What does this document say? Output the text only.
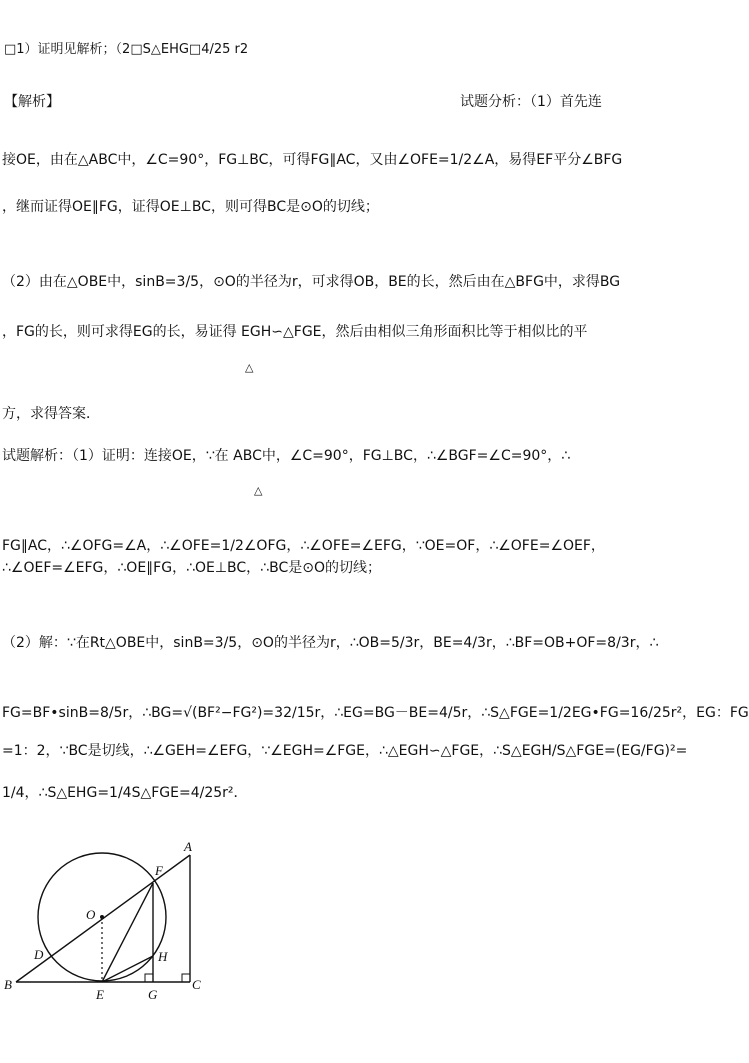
□1）证明见解析；（2□S△EHG□4/25 r2
【解析】	试题分析：（1）首先连
接OE，由在△ABC中，∠C=90°，FG⊥BC，可得FG∥AC，又由∠OFE=1/2∠A，易得EF平分∠BFG
，继而证得OE∥FG，证得OE⊥BC，则可得BC是⊙O的切线；
（2）由在△OBE中，sinB=3/5，⊙O的半径为r，可求得OB，BE的长，然后由在△BFG中，求得BG
，FG的长，则可求得EG的长，易证得 EGH∽△FGE，然后由相似三角形面积比等于相似比的平
△
方，求得答案．
试题解析：（1）证明：连接OE，∵在 ABC中，∠C=90°，FG⊥BC，∴∠BGF=∠C=90°，∴
△
FG∥AC，∴∠OFG=∠A，∴∠OFE=1/2∠OFG，∴∠OFE=∠EFG，∵OE=OF，∴∠OFE=∠OEF，
∴∠OEF=∠EFG，∴OE∥FG，∴OE⊥BC，∴BC是⊙O的切线；
（2）解：∵在Rt△OBE中，sinB=3/5，⊙O的半径为r，∴OB=5/3r，BE=4/3r，∴BF=OB+OF=8/3r，∴
FG=BF•sinB=8/5r，∴BG=√(BF²−FG²)=32/15r，∴EG=BG－BE=4/5r，∴S△FGE=1/2EG•FG=16/25r²，EG：FG
=1：2，∵BC是切线，∴∠GEH=∠EFG，∵∠EGH=∠FGE，∴△EGH∽△FGE，∴S△EGH/S△FGE=(EG/FG)²=
1/4，∴S△EHG=1/4S△FGE=4/25r²．
A
F
O
D	H
B
E	G
C
